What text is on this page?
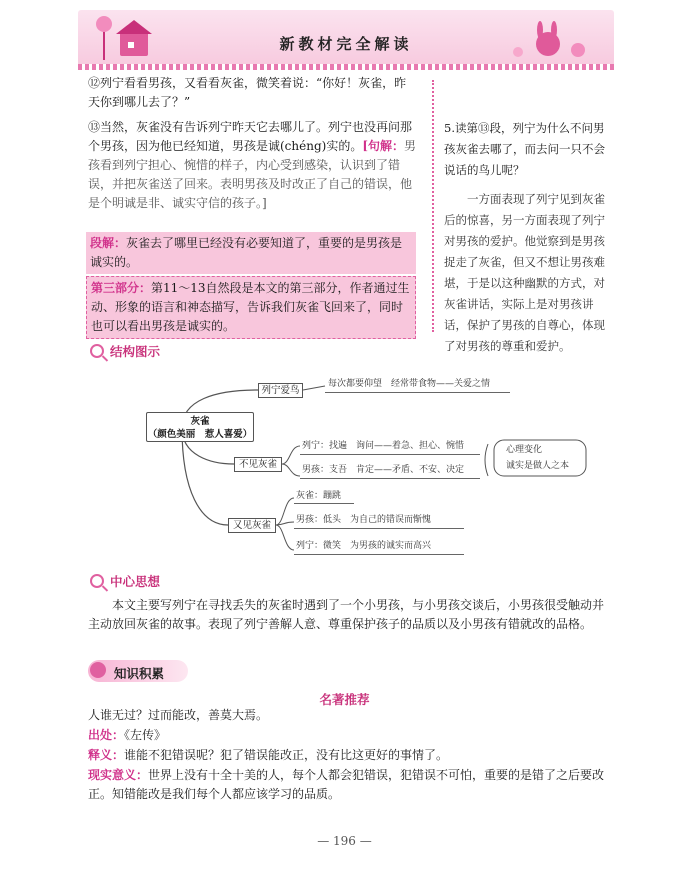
新教材完全解读
⑫列宁看看男孩，又看看灰雀，微笑着说：“你好！灰雀，昨天你到哪儿去了？”
⑬当然，灰雀没有告诉列宁昨天它去哪儿了。列宁也没再问那个男孩，因为他已经知道，男孩是诚(chéng)实的。[句解：男孩看到列宁担心、惋惜的样子，内心受到感染，认识到了错误，并把灰雀送了回来。表明男孩及时改正了自己的错误，他是个明诚是非、诚实守信的孩子。]
段解：灰雀去了哪里已经没有必要知道了，重要的是男孩是诚实的。
第三部分：第11～13自然段是本文的第三部分，作者通过生动、形象的语言和神态描写，告诉我们灰雀飞回来了，同时也可以看出男孩是诚实的。
5.读第⑬段，列宁为什么不问男孩灰雀去哪了，而去问一只不会说话的鸟儿呢？
一方面表现了列宁见到灰雀后的惊喜，另一方面表现了列宁对男孩的爱护。他觉察到是男孩捉走了灰雀，但又不想让男孩难堪，于是以这种幽默的方式，对灰雀讲话，实际上是对男孩讲话，保护了男孩的自尊心，体现了对男孩的尊重和爱护。
结构图示
灰雀
（颜色美丽　惹人喜爱）
列宁爱鸟
每次都要仰望　经常带食物——关爱之情
不见灰雀
列宁：找遍　询问——着急、担心、惋惜
男孩：支吾　肯定——矛盾、不安、决定
心理变化
诚实是做人之本
又见灰雀
灰雀：蹦跳
男孩：低头　为自己的错误而惭愧
列宁：微笑　为男孩的诚实而高兴
中心思想
本文主要写列宁在寻找丢失的灰雀时遇到了一个小男孩，与小男孩交谈后，小男孩很受触动并主动放回灰雀的故事。表现了列宁善解人意、尊重保护孩子的品质以及小男孩有错就改的品格。
知识积累
名著推荐
人谁无过？过而能改，善莫大焉。
出处：《左传》
释义：谁能不犯错误呢？犯了错误能改正，没有比这更好的事情了。
现实意义：世界上没有十全十美的人，每个人都会犯错误，犯错误不可怕，重要的是错了之后要改正。知错能改是我们每个人都应该学习的品质。
— 196 —
